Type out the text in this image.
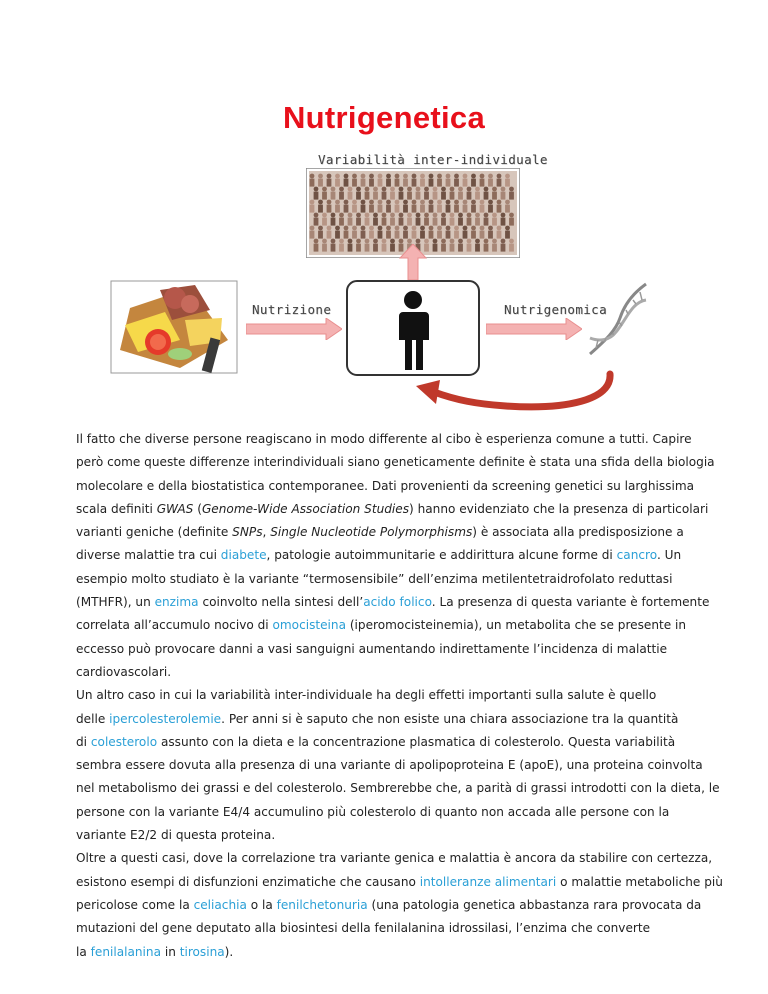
Nutrigenetica
Variabilità inter-individuale
Nutrizione	Nutrigenomica

Il fatto che diverse persone reagiscano in modo differente al cibo è esperienza comune a tutti. Capire
però come queste differenze interindividuali siano geneticamente definite è stata una sfida della biologia
molecolare e della biostatistica contemporanee. Dati provenienti da screening genetici su larghissima
scala definiti GWAS (Genome-Wide Association Studies) hanno evidenziato che la presenza di particolari
varianti geniche (definite SNPs, Single Nucleotide Polymorphisms) è associata alla predisposizione a
diverse malattie tra cui diabete, patologie autoimmunitarie e addirittura alcune forme di cancro. Un
esempio molto studiato è la variante “termosensibile” dell’enzima metilentetraidrofolato reduttasi
(MTHFR), un enzima coinvolto nella sintesi dell’acido folico. La presenza di questa variante è fortemente
correlata all’accumulo nocivo di omocisteina (iperomocisteinemia), un metabolita che se presente in
eccesso può provocare danni a vasi sanguigni aumentando indirettamente l’incidenza di malattie
cardiovascolari.

Un altro caso in cui la variabilità inter-individuale ha degli effetti importanti sulla salute è quello
delle ipercolesterolemie. Per anni si è saputo che non esiste una chiara associazione tra la quantità
di colesterolo assunto con la dieta e la concentrazione plasmatica di colesterolo. Questa variabilità
sembra essere dovuta alla presenza di una variante di apolipoproteina E (apoE), una proteina coinvolta
nel metabolismo dei grassi e del colesterolo. Sembrerebbe che, a parità di grassi introdotti con la dieta, le
persone con la variante E4/4 accumulino più colesterolo di quanto non accada alle persone con la
variante E2/2 di questa proteina.

Oltre a questi casi, dove la correlazione tra variante genica e malattia è ancora da stabilire con certezza,
esistono esempi di disfunzioni enzimatiche che causano intolleranze alimentari o malattie metaboliche più
pericolose come la celiachia o la fenilchetonuria (una patologia genetica abbastanza rara provocata da
mutazioni del gene deputato alla biosintesi della fenilalanina idrossilasi, l’enzima che converte
la fenilalanina in tirosina).
